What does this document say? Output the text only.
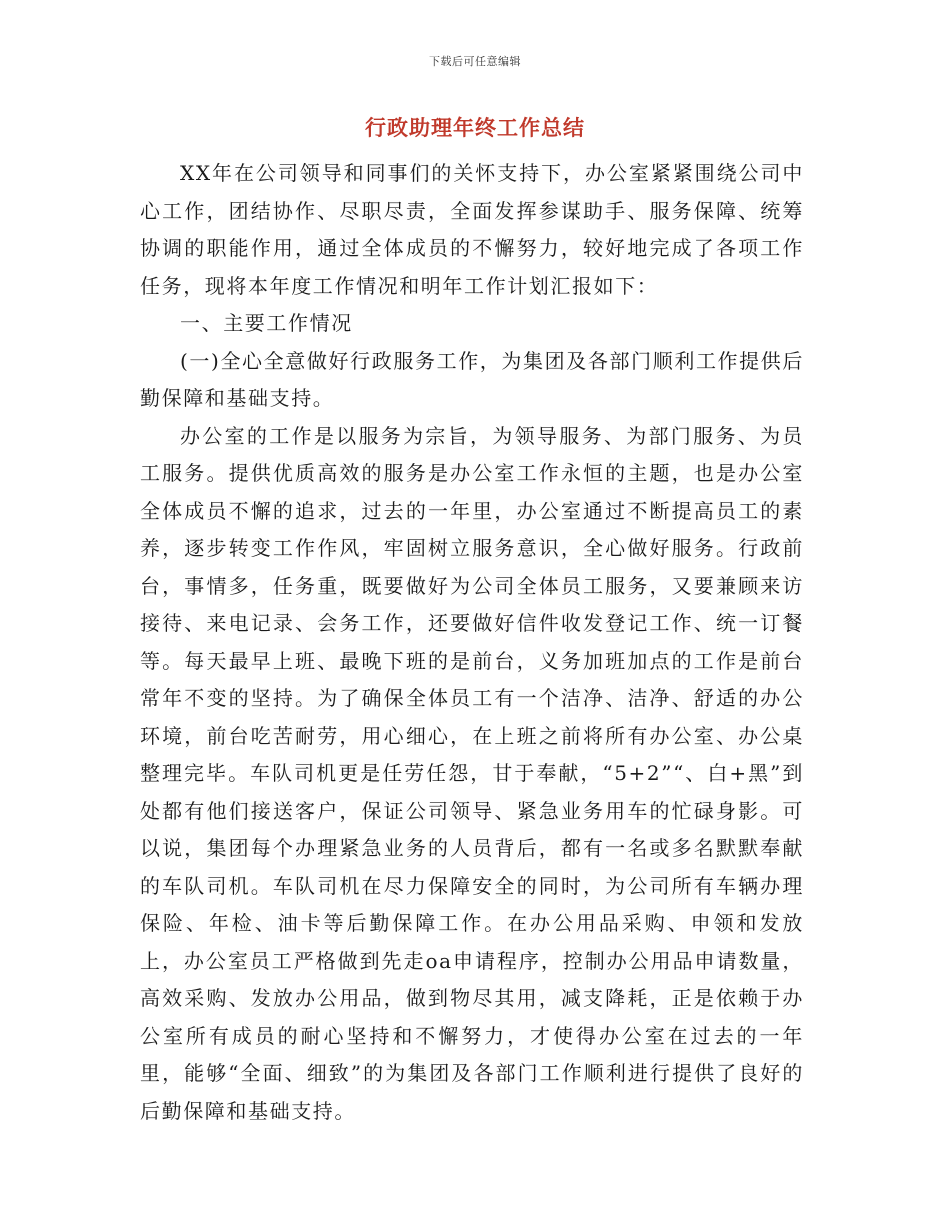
下载后可任意编辑
行政助理年终工作总结

XX年在公司领导和同事们的关怀支持下，办公室紧紧围绕公司中心工作，团结协作、尽职尽责，全面发挥参谋助手、服务保障、统筹协调的职能作用，通过全体成员的不懈努力，较好地完成了各项工作任务，现将本年度工作情况和明年工作计划汇报如下：

一、主要工作情况

(一)全心全意做好行政服务工作，为集团及各部门顺利工作提供后勤保障和基础支持。

办公室的工作是以服务为宗旨，为领导服务、为部门服务、为员工服务。提供优质高效的服务是办公室工作永恒的主题，也是办公室全体成员不懈的追求，过去的一年里，办公室通过不断提高员工的素养，逐步转变工作作风，牢固树立服务意识，全心做好服务。行政前台，事情多，任务重，既要做好为公司全体员工服务，又要兼顾来访接待、来电记录、会务工作，还要做好信件收发登记工作、统一订餐等。每天最早上班、最晚下班的是前台，义务加班加点的工作是前台常年不变的坚持。为了确保全体员工有一个洁净、洁净、舒适的办公环境，前台吃苦耐劳，用心细心，在上班之前将所有办公室、办公桌整理完毕。车队司机更是任劳任怨，甘于奉献，“5+2”“、白+黑”到处都有他们接送客户，保证公司领导、紧急业务用车的忙碌身影。可以说，集团每个办理紧急业务的人员背后，都有一名或多名默默奉献的车队司机。车队司机在尽力保障安全的同时，为公司所有车辆办理保险、年检、油卡等后勤保障工作。在办公用品采购、申领和发放上，办公室员工严格做到先走oa申请程序，控制办公用品申请数量，高效采购、发放办公用品，做到物尽其用，减支降耗，正是依赖于办公室所有成员的耐心坚持和不懈努力，才使得办公室在过去的一年里，能够“全面、细致”的为集团及各部门工作顺利进行提供了良好的后勤保障和基础支持。
